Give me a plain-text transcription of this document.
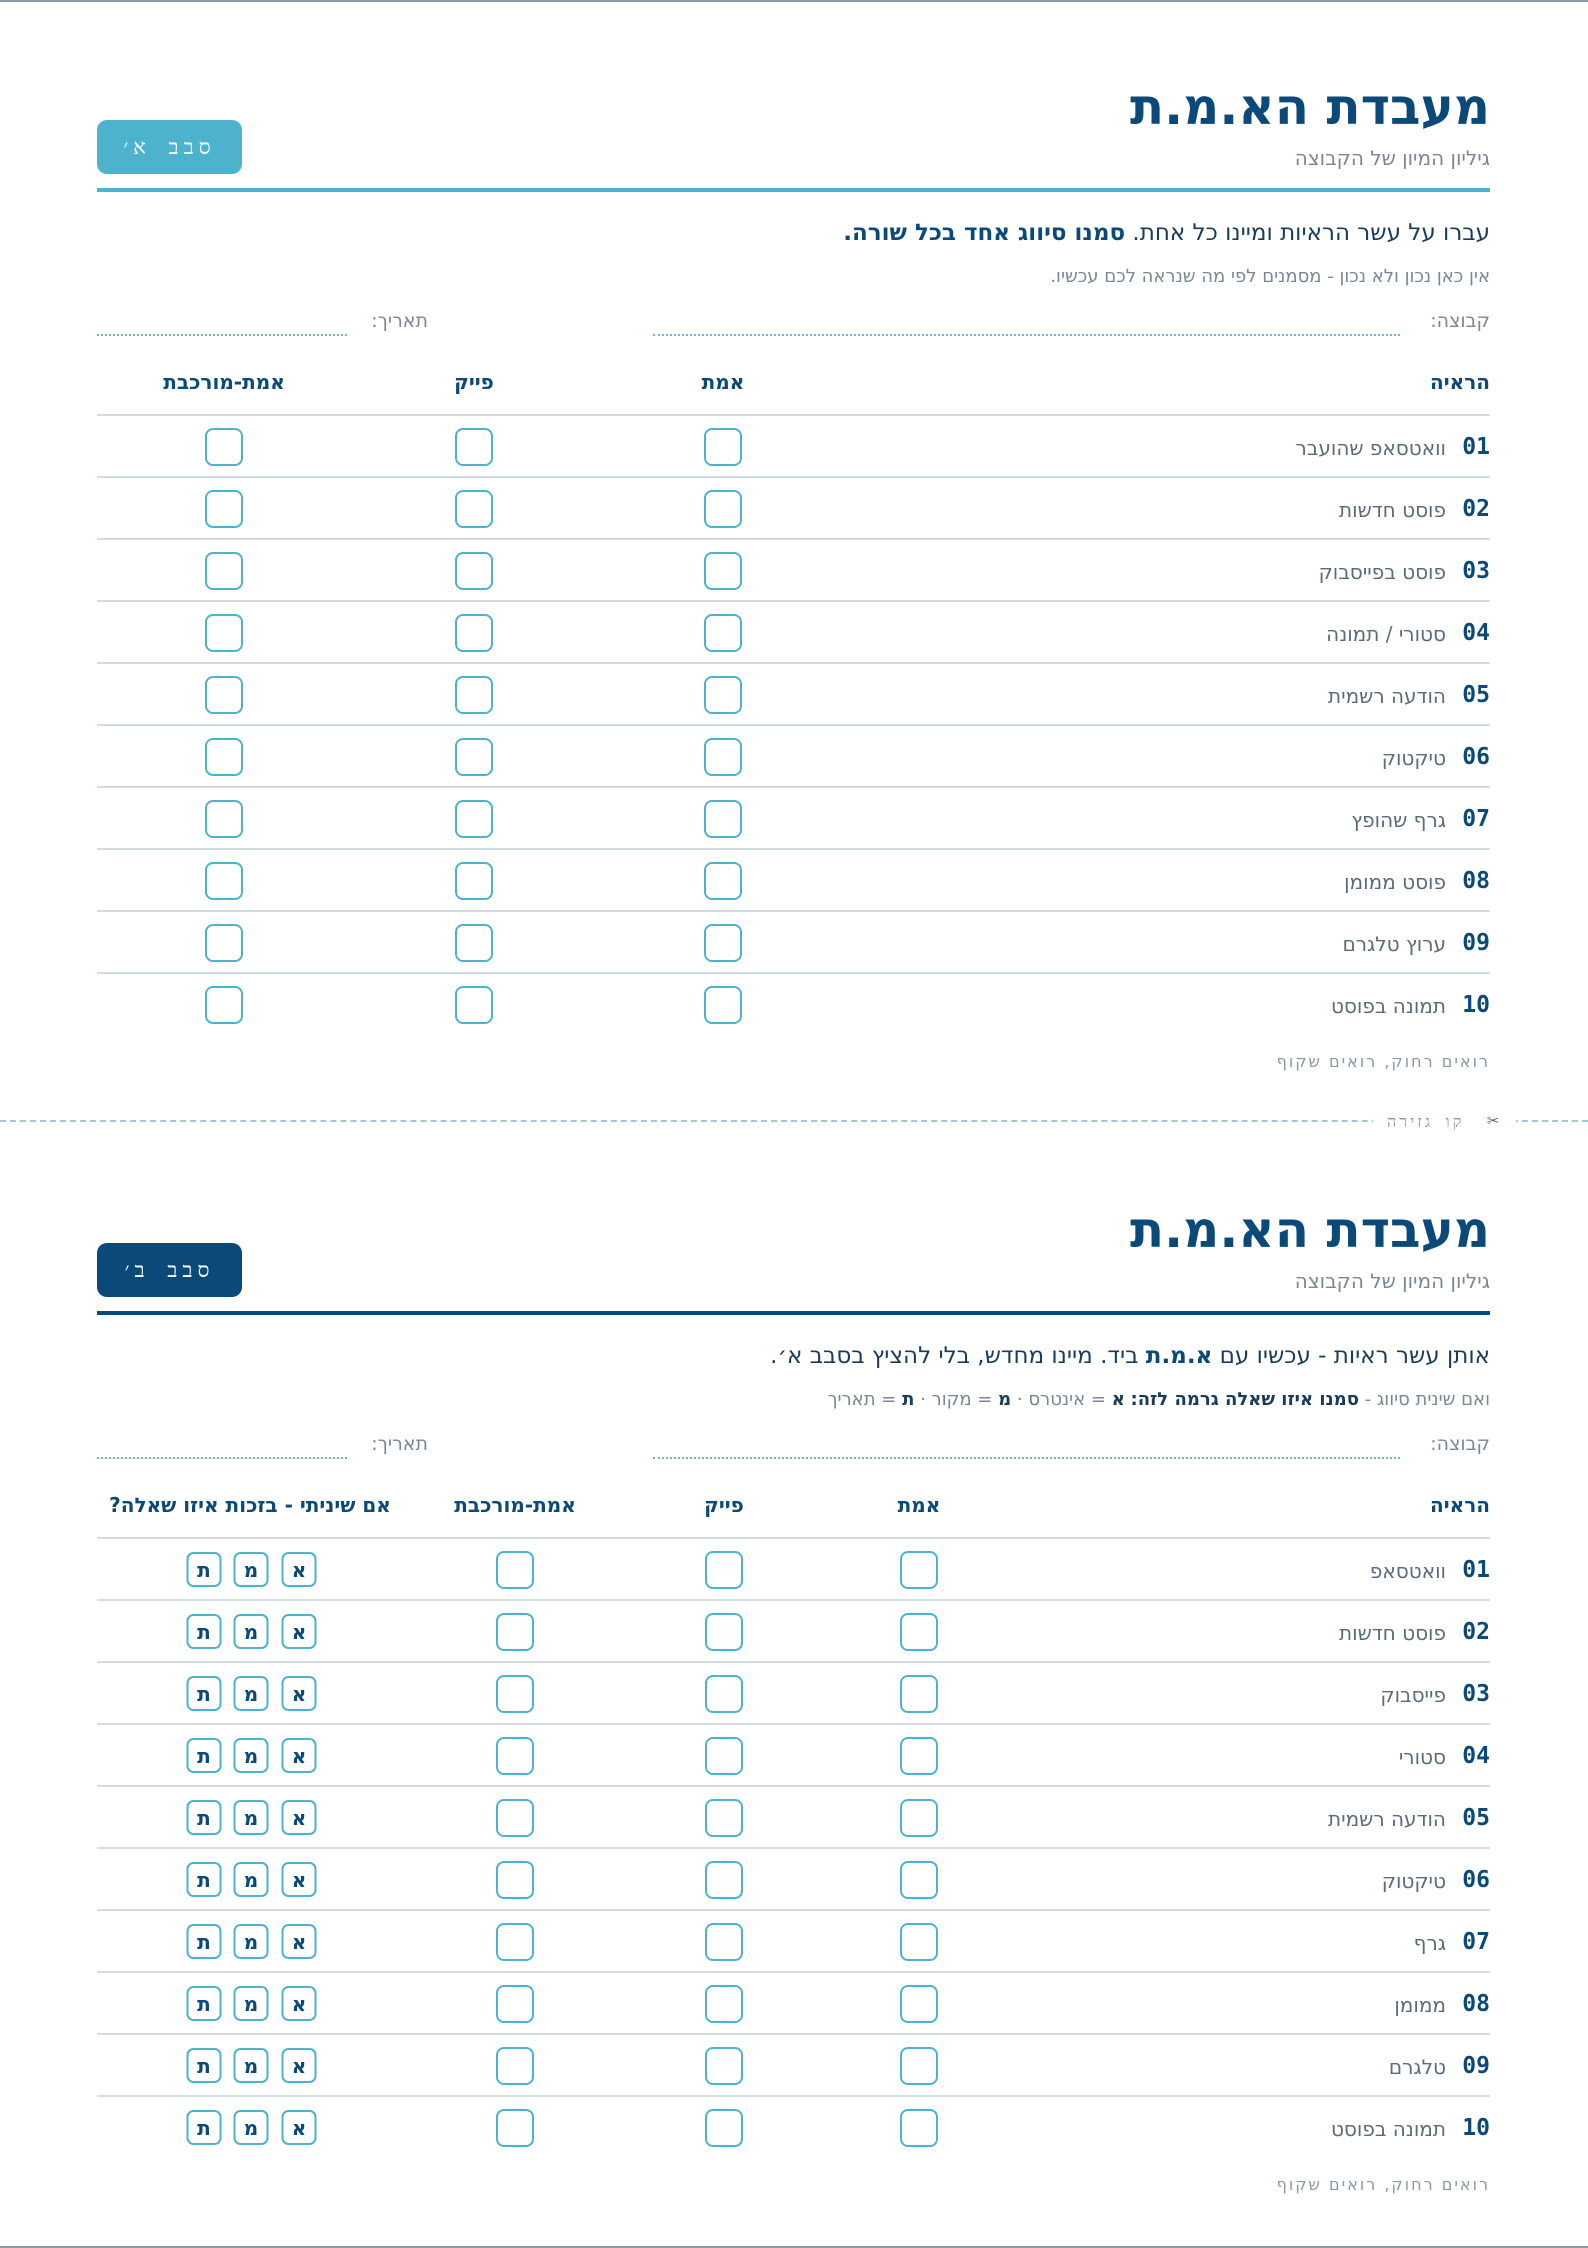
מעבדת הא.מ.ת
גיליון המיון של הקבוצה
סבב א׳
עברו על עשר הראיות ומיינו כל אחת. סמנו סיווג אחד בכל שורה.
אין כאן נכון ולא נכון - מסמנים לפי מה שנראה לכם עכשיו.
קבוצה:
תאריך:
הראיה
אמת
פייק
אמת-מורכבת
01
וואטסאפ שהועבר
02
פוסט חדשות
03
פוסט בפייסבוק
04
סטורי / תמונה
05
הודעה רשמית
06
טיקטוק
07
גרף שהופץ
08
פוסט ממומן
09
ערוץ טלגרם
10
תמונה בפוסט
רואים רחוק, רואים שקוף
✂ קו גזירה
מעבדת הא.מ.ת
גיליון המיון של הקבוצה
סבב ב׳
אותן עשר ראיות - עכשיו עם א.מ.ת ביד. מיינו מחדש, בלי להציץ בסבב א׳.
ואם שינית סיווג - סמנו איזו שאלה גרמה לזה: א = אינטרס · מ = מקור · ת = תאריך
קבוצה:
תאריך:
הראיה
אמת
פייק
אמת-מורכבת
אם שיניתי - בזכות איזו שאלה?
01
וואטסאפ
א
מ
ת
02
פוסט חדשות
א
מ
ת
03
פייסבוק
א
מ
ת
04
סטורי
א
מ
ת
05
הודעה רשמית
א
מ
ת
06
טיקטוק
א
מ
ת
07
גרף
א
מ
ת
08
ממומן
א
מ
ת
09
טלגרם
א
מ
ת
10
תמונה בפוסט
א
מ
ת
רואים רחוק, רואים שקוף
